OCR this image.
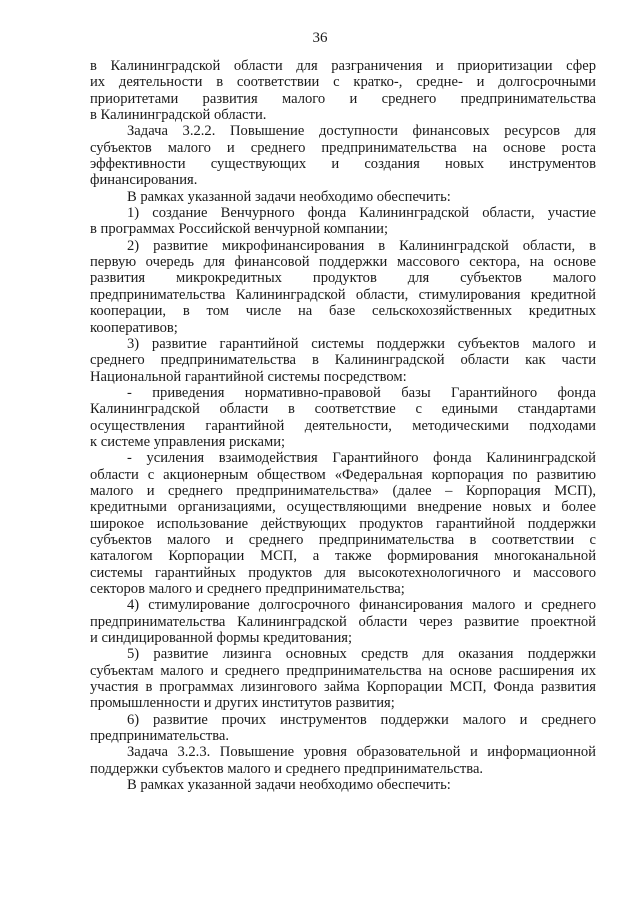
36
в Калининградской области для разграничения и приоритизации сфер
их деятельности в соответствии с кратко-, средне- и долгосрочными
приоритетами развития малого и среднего предпринимательства
в Калининградской области.
Задача 3.2.2. Повышение доступности финансовых ресурсов для
субъектов малого и среднего предпринимательства на основе роста
эффективности существующих и создания новых инструментов
финансирования.
В рамках указанной задачи необходимо обеспечить:
1) создание Венчурного фонда Калининградской области, участие
в программах Российской венчурной компании;
2) развитие микрофинансирования в Калининградской области, в
первую очередь для финансовой поддержки массового сектора, на основе
развития микрокредитных продуктов для субъектов малого
предпринимательства Калининградской области, стимулирования кредитной
кооперации, в том числе на базе сельскохозяйственных кредитных
кооперативов;
3) развитие гарантийной системы поддержки субъектов малого и
среднего предпринимательства в Калининградской области как части
Национальной гарантийной системы посредством:
- приведения нормативно-правовой базы Гарантийного фонда
Калининградской области в соответствие с едиными стандартами
осуществления гарантийной деятельности, методическими подходами
к системе управления рисками;
- усиления взаимодействия Гарантийного фонда Калининградской
области с акционерным обществом «Федеральная корпорация по развитию
малого и среднего предпринимательства» (далее – Корпорация МСП),
кредитными организациями, осуществляющими внедрение новых и более
широкое использование действующих продуктов гарантийной поддержки
субъектов малого и среднего предпринимательства в соответствии с
каталогом Корпорации МСП, а также формирования многоканальной
системы гарантийных продуктов для высокотехнологичного и массового
секторов малого и среднего предпринимательства;
4) стимулирование долгосрочного финансирования малого и среднего
предпринимательства Калининградской области через развитие проектной
и синдицированной формы кредитования;
5) развитие лизинга основных средств для оказания поддержки
субъектам малого и среднего предпринимательства на основе расширения их
участия в программах лизингового займа Корпорации МСП, Фонда развития
промышленности и других институтов развития;
6) развитие прочих инструментов поддержки малого и среднего
предпринимательства.
Задача 3.2.3. Повышение уровня образовательной и информационной
поддержки субъектов малого и среднего предпринимательства.
В рамках указанной задачи необходимо обеспечить:
